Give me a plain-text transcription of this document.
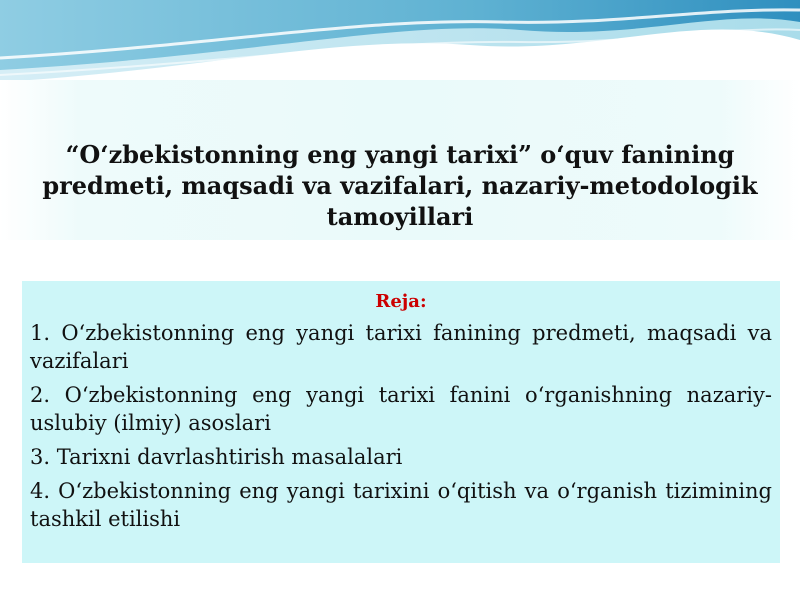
“O‘zbekistonning eng yangi tarixi” o‘quv fanining predmeti, maqsadi va vazifalari, nazariy-metodologik tamoyillari
Reja:
1. O‘zbekistonning eng yangi tarixi fanining predmeti, maqsadi va vazifalari
2. O‘zbekistonning eng yangi tarixi fanini o‘rganishning nazariy-uslubiy (ilmiy) asoslari
3. Tarixni davrlashtirish masalalari
4. O‘zbekistonning eng yangi tarixini o‘qitish va o‘rganish tizimining tashkil etilishi
